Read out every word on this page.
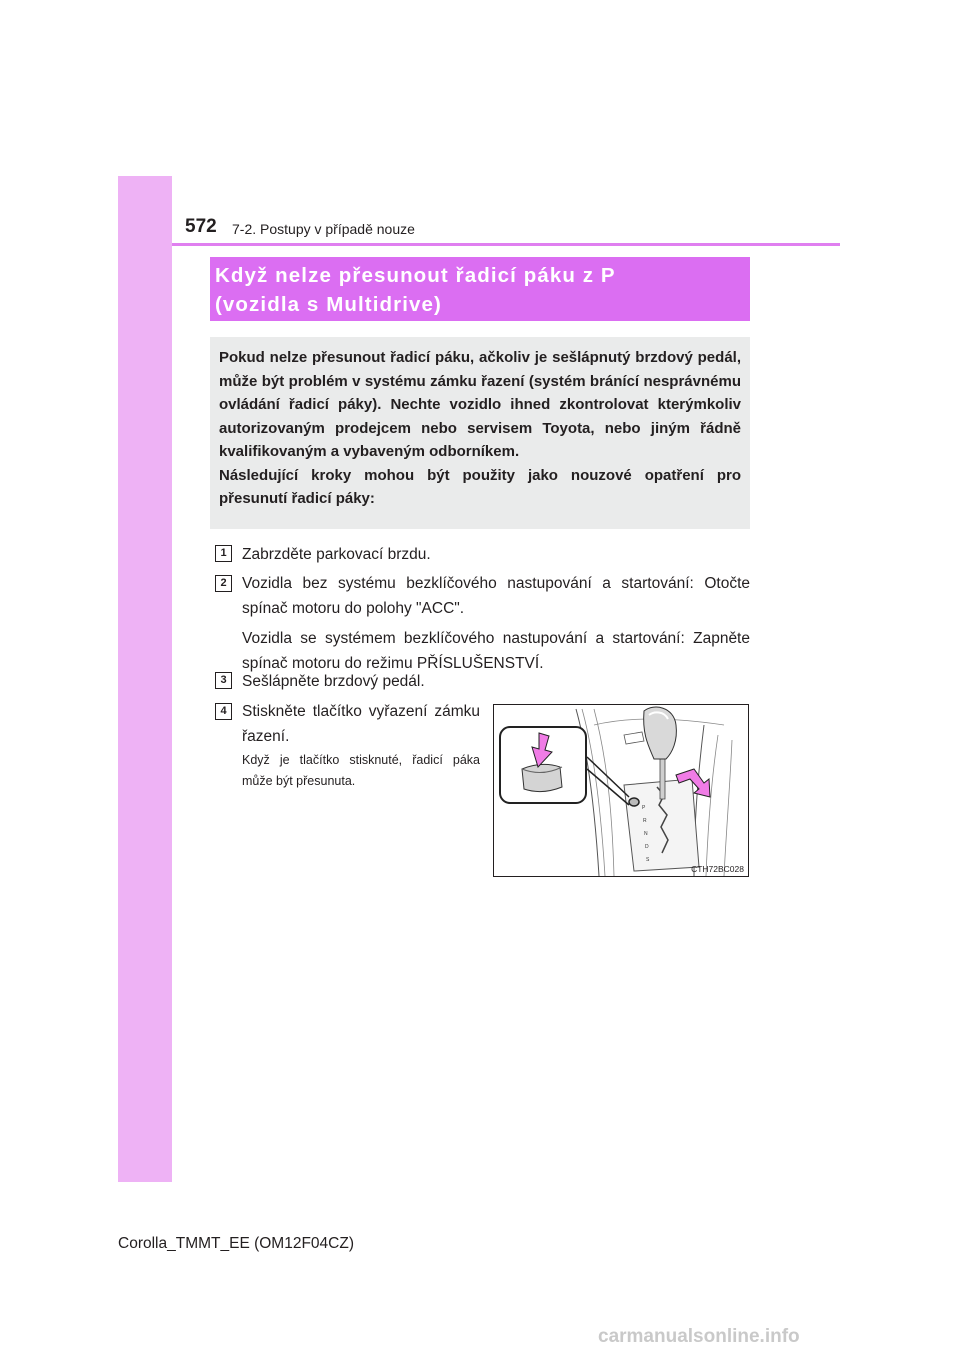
572 7-2. Postupy v případě nouze
Když nelze přesunout řadicí páku z P
(vozidla s Multidrive)

Pokud nelze přesunout řadicí páku, ačkoliv je sešlápnutý brzdový pedál, může být problém v systému zámku řazení (systém bránící nesprávnému ovládání řadicí páky). Nechte vozidlo ihned zkontrolovat kterýmkoliv autorizovaným prodejcem nebo servisem Toyota, nebo jiným řádně kvalifikovaným a vybaveným odborníkem.

Následující kroky mohou být použity jako nouzové opatření pro přesunutí řadicí páky:

1 Zabrzděte parkovací brzdu.
2 Vozidla bez systému bezklíčového nastupování a startování: Otočte spínač motoru do polohy "ACC".
Vozidla se systémem bezklíčového nastupování a startování: Zapněte spínač motoru do režimu PŘÍSLUŠENSTVÍ.
3 Sešlápněte brzdový pedál.
4 Stiskněte tlačítko vyřazení zámku řazení.
Když je tlačítko stisknuté, řadicí páka může být přesunuta.
P
R
N
D
S
CTH72BC028
Corolla_TMMT_EE (OM12F04CZ)
carmanualsonline.info
